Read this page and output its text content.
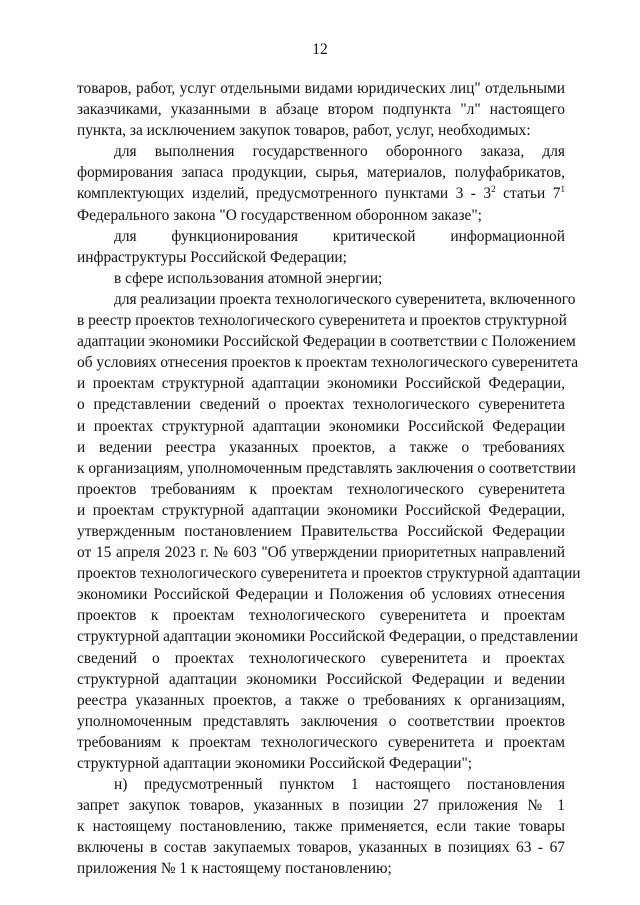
12
товаров, работ, услуг отдельными видами юридических лиц" отдельными
заказчиками, указанными в абзаце втором подпункта "л" настоящего
пункта, за исключением закупок товаров, работ, услуг, необходимых:
для выполнения государственного оборонного заказа, для
формирования запаса продукции, сырья, материалов, полуфабрикатов,
комплектующих изделий, предусмотренного пунктами $3 - 3^2$ статьи $7^1$
Федерального закона "О государственном оборонном заказе";
для функционирования критической информационной
инфраструктуры Российской Федерации;
в сфере использования атомной энергии;
для реализации проекта технологического суверенитета, включенного
в реестр проектов технологического суверенитета и проектов структурной
адаптации экономики Российской Федерации в соответствии с Положением
об условиях отнесения проектов к проектам технологического суверенитета
и проектам структурной адаптации экономики Российской Федерации,
о представлении сведений о проектах технологического суверенитета
и проектах структурной адаптации экономики Российской Федерации
и ведении реестра указанных проектов, а также о требованиях
к организациям, уполномоченным представлять заключения о соответствии
проектов требованиям к проектам технологического суверенитета
и проектам структурной адаптации экономики Российской Федерации,
утвержденным постановлением Правительства Российской Федерации
от 15 апреля 2023 г. № 603 "Об утверждении приоритетных направлений
проектов технологического суверенитета и проектов структурной адаптации
экономики Российской Федерации и Положения об условиях отнесения
проектов к проектам технологического суверенитета и проектам
структурной адаптации экономики Российской Федерации, о представлении
сведений о проектах технологического суверенитета и проектах
структурной адаптации экономики Российской Федерации и ведении
реестра указанных проектов, а также о требованиях к организациям,
уполномоченным представлять заключения о соответствии проектов
требованиям к проектам технологического суверенитета и проектам
структурной адаптации экономики Российской Федерации";
н) предусмотренный пунктом 1 настоящего постановления
запрет закупок товаров, указанных в позиции 27 приложения № 1
к настоящему постановлению, также применяется, если такие товары
включены в состав закупаемых товаров, указанных в позициях 63 - 67
приложения № 1 к настоящему постановлению;
